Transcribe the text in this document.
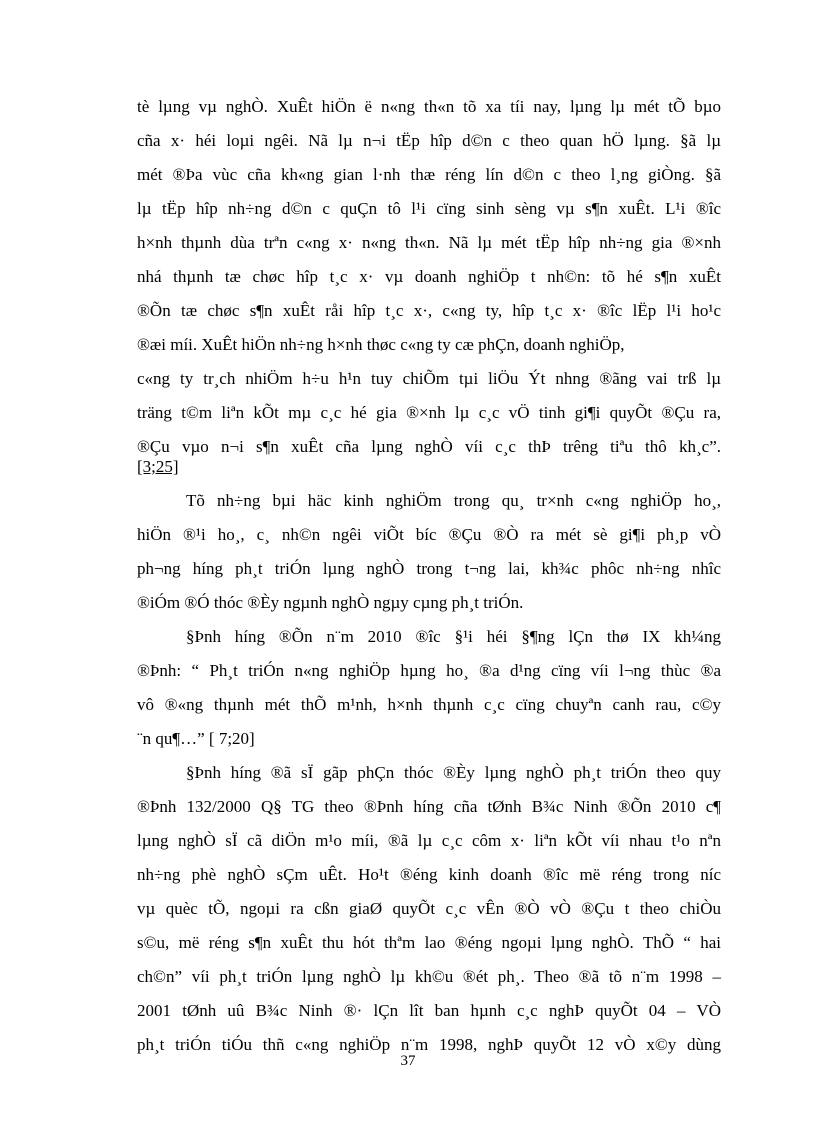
tè lµng vµ nghÒ. XuÊt hiÖn ë n«ng th«n tõ xa tíi nay, lµng lµ mét tÕ bµo
cña x· héi loµi ngêi. Nã lµ n¬i tËp hîp d©n c theo quan hÖ lµng. §ã lµ
mét ®Þa vùc cña kh«ng gian l·nh thæ réng lín d©n c theo l¸ng giÒng. §ã
lµ tËp hîp nh÷ng d©n c quÇn tô l¹i cïng sinh sèng vµ s¶n xuÊt. L¹i ®îc
h×nh thµnh dùa trªn c«ng x· n«ng th«n. Nã lµ mét tËp hîp nh÷ng gia ®×nh
nhá thµnh tæ chøc hîp t¸c x· vµ doanh nghiÖp t nh©n: tõ hé s¶n xuÊt
®Õn tæ chøc s¶n xuÊt råi hîp t¸c x·, c«ng ty, hîp t¸c x· ®îc lËp l¹i ho¹c
®æi míi. XuÊt hiÖn nh÷ng h×nh thøc c«ng ty cæ phÇn, doanh nghiÖp,
c«ng ty tr¸ch nhiÖm h÷u h¹n tuy chiÕm tµi liÖu Ýt nhng ®ãng vai trß lµ
träng t©m liªn kÕt mµ c¸c hé gia ®×nh lµ c¸c vÖ tinh gi¶i quyÕt ®Çu ra,
®Çu vµo n¬i s¶n xuÊt cña lµng nghÒ víi c¸c thÞ trêng tiªu thô kh¸c”.
[3;25]
Tõ nh÷ng bµi häc kinh nghiÖm trong qu¸ tr×nh c«ng nghiÖp ho¸,
hiÖn ®¹i ho¸, c¸ nh©n ngêi viÕt bíc ®Çu ®Ò ra mét sè gi¶i ph¸p vÒ
ph¬ng híng ph¸t triÓn lµng nghÒ trong t¬ng lai, kh¾c phôc nh÷ng nhîc
®iÓm ®Ó thóc ®Èy ngµnh nghÒ ngµy cµng ph¸t triÓn.
§Þnh híng ®Õn n¨m 2010 ®îc §¹i héi §¶ng lÇn thø IX kh¼ng
®Þnh: “ Ph¸t triÓn n«ng nghiÖp hµng ho¸ ®a d¹ng cïng víi l¬ng thùc ®a
vô ®«ng thµnh mét thÕ m¹nh, h×nh thµnh c¸c cïng chuyªn canh rau, c©y
¨n qu¶…” [ 7;20]
§Þnh híng ®ã sÏ gãp phÇn thóc ®Èy lµng nghÒ ph¸t triÓn theo quy
®Þnh 132/2000 Q§ TG theo ®Þnh híng cña tØnh B¾c Ninh ®Õn 2010 c¶
lµng nghÒ sÏ cã diÖn m¹o míi, ®ã lµ c¸c côm x· liªn kÕt víi nhau t¹o nªn
nh÷ng phè nghÒ sÇm uÊt. Ho¹t ®éng kinh doanh ®îc më réng trong níc
vµ quèc tÕ, ngoµi ra cßn giaØ quyÕt c¸c vÊn ®Ò vÒ ®Çu t theo chiÒu
s©u, më réng s¶n xuÊt thu hót thªm lao ®éng ngoµi lµng nghÒ. ThÕ “ hai
ch©n” víi ph¸t triÓn lµng nghÒ lµ kh©u ®ét ph¸. Theo ®ã tõ n¨m 1998 –
2001 tØnh uû B¾c Ninh ®· lÇn lît ban hµnh c¸c nghÞ quyÕt 04 – VÒ
ph¸t triÓn tiÓu thñ c«ng nghiÖp n¨m 1998, nghÞ quyÕt 12 vÒ x©y dùng
37
